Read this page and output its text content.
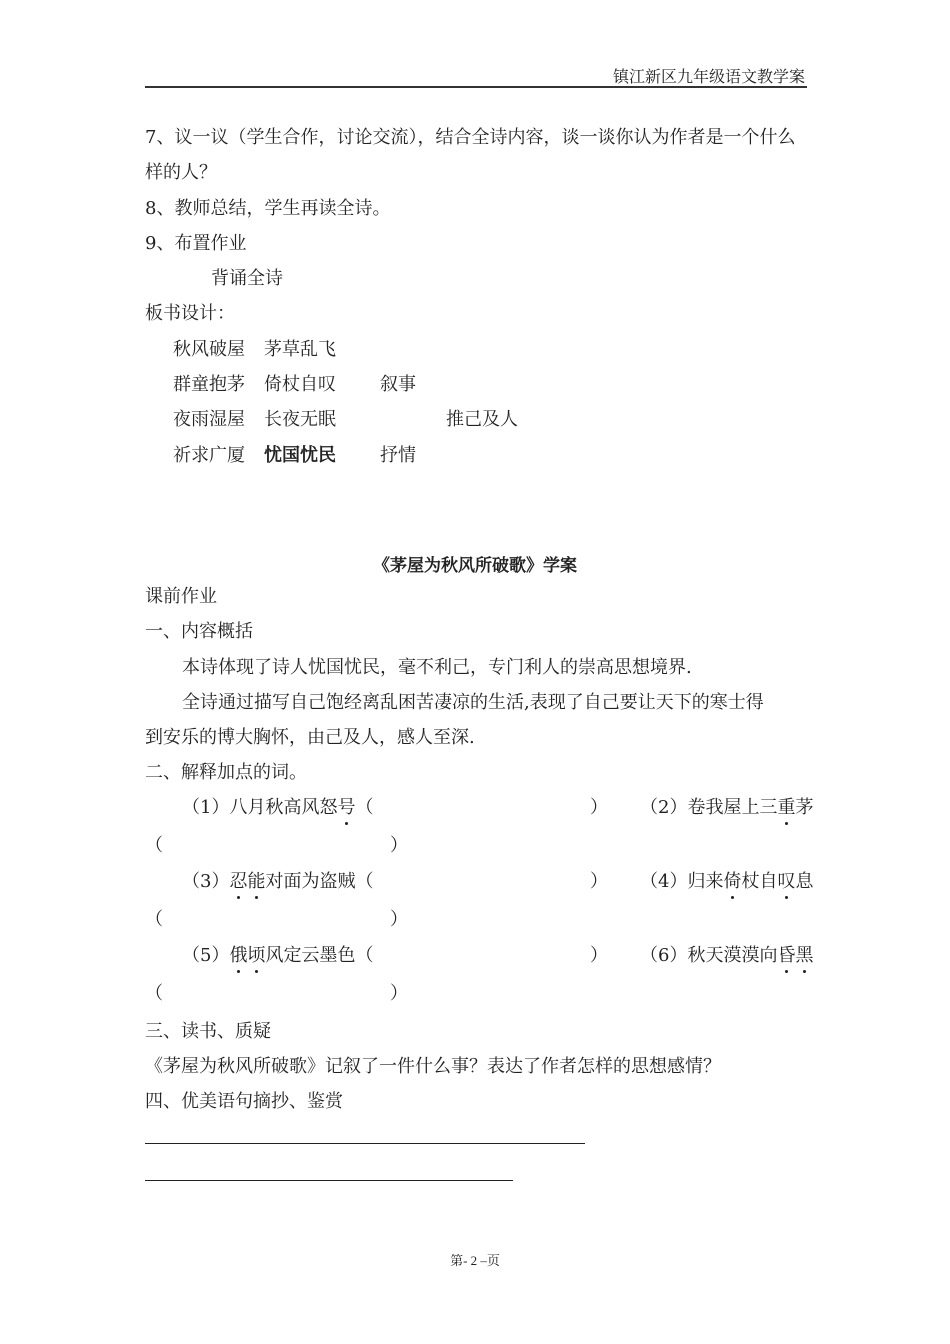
镇江新区九年级语文教学案
7、议一议（学生合作，讨论交流），结合全诗内容，谈一谈你认为作者是一个什么
样的人？
8、教师总结，学生再读全诗。
9、布置作业
背诵全诗
板书设计：
秋风破屋 茅草乱飞
群童抱茅 倚杖自叹 叙事
夜雨湿屋 长夜无眠	推己及人
祈求广厦 忧国忧民 抒情
《茅屋为秋风所破歌》学案
课前作业
一、内容概括
本诗体现了诗人忧国忧民，毫不利己，专门利人的崇高思想境界.
全诗通过描写自己饱经离乱困苦凄凉的生活,表现了自己要让天下的寒士得
到安乐的博大胸怀，由己及人，感人至深.
二、解释加点的词。
（1）八月秋高风怒号（	） （2）卷我屋上三重茅
（	）
（3）忍能对面为盗贼（	） （4）归来倚杖自叹息
（	）
（5）俄顷风定云墨色（	） （6）秋天漠漠向昏黑
（	）
三、读书、质疑
《茅屋为秋风所破歌》记叙了一件什么事？表达了作者怎样的思想感情？
四、优美语句摘抄、鉴赏
第- 2 –页
